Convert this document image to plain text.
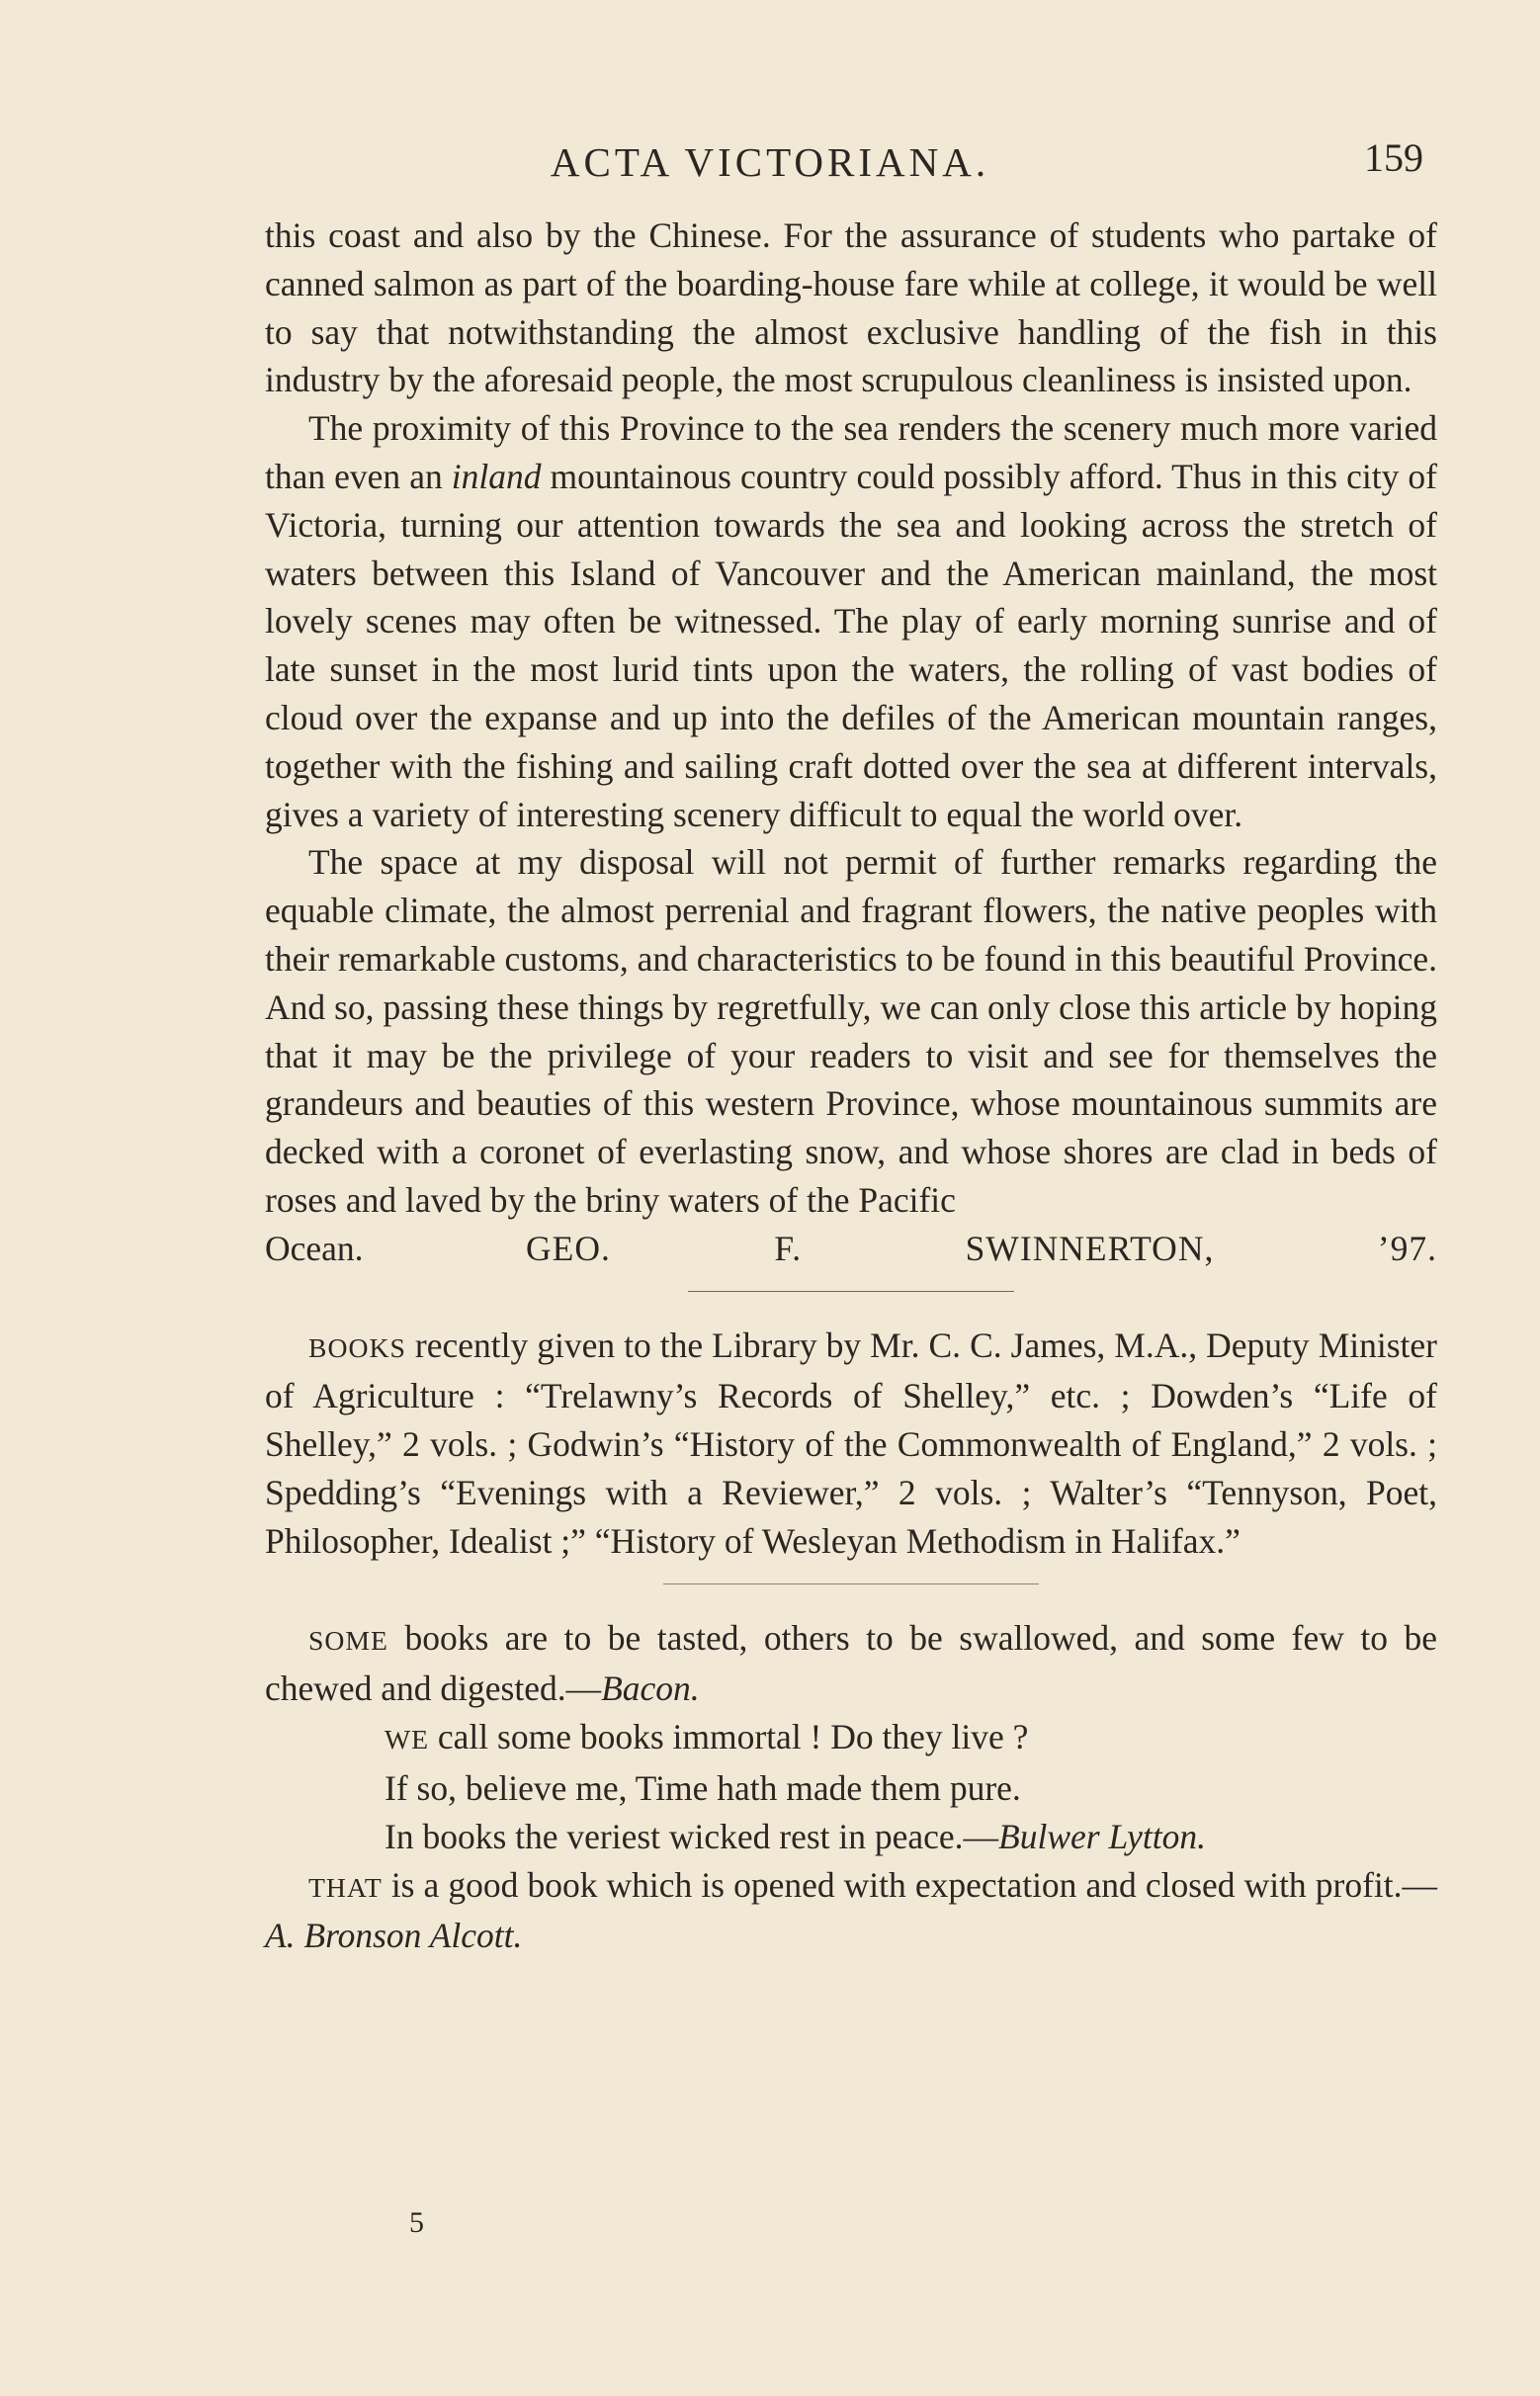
ACTA VICTORIANA.	159

this coast and also by the Chinese. For the assurance of students who partake of canned salmon as part of the boarding-house fare while at college, it would be well to say that notwithstanding the almost exclusive handling of the fish in this industry by the aforesaid people, the most scrupulous cleanliness is insisted upon.

The proximity of this Province to the sea renders the scenery much more varied than even an inland mountainous country could possibly afford. Thus in this city of Victoria, turning our attention towards the sea and looking across the stretch of waters between this Island of Vancouver and the American mainland, the most lovely scenes may often be witnessed. The play of early morning sunrise and of late sunset in the most lurid tints upon the waters, the rolling of vast bodies of cloud over the expanse and up into the defiles of the American mountain ranges, together with the fishing and sailing craft dotted over the sea at different intervals, gives a variety of interesting scenery difficult to equal the world over.

The space at my disposal will not permit of further remarks regarding the equable climate, the almost perrenial and fragrant flowers, the native peoples with their remarkable customs, and characteristics to be found in this beautiful Province. And so, passing these things by regretfully, we can only close this article by hoping that it may be the privilege of your readers to visit and see for themselves the grandeurs and beauties of this western Province, whose mountainous summits are decked with a coronet of everlasting snow, and whose shores are clad in beds of roses and laved by the briny waters of the Pacific

Ocean.	GEO. F. SWINNERTON, ’97.

BOOKS recently given to the Library by Mr. C. C. James, M.A., Deputy Minister of Agriculture : “Trelawny’s Records of Shelley,” etc. ; Dowden’s “Life of Shelley,” 2 vols. ; Godwin’s “History of the Commonwealth of England,” 2 vols. ; Spedding’s “Evenings with a Reviewer,” 2 vols. ; Walter’s “Tennyson, Poet, Philosopher, Idealist ;” “History of Wesleyan Methodism in Halifax.”

SOME books are to be tasted, others to be swallowed, and some few to be chewed and digested.—Bacon.

WE call some books immortal ! Do they live ?

If so, believe me, Time hath made them pure.

In books the veriest wicked rest in peace.—Bulwer Lytton.

THAT is a good book which is opened with expectation and closed with profit.—A. Bronson Alcott.

5
